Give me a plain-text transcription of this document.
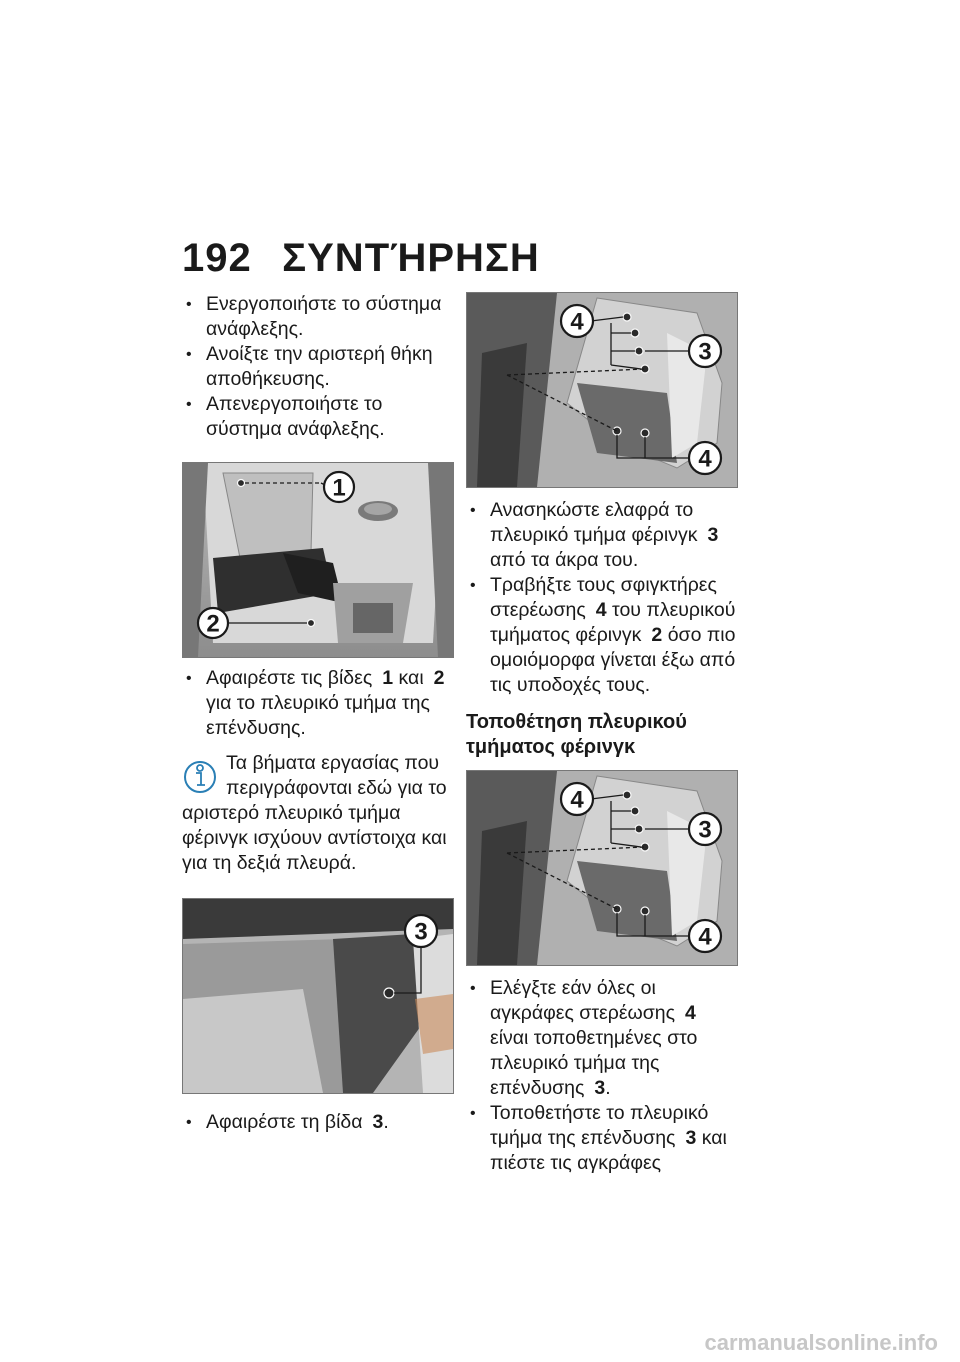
192 ΣΥΝΤΉΡΗΣΗ

• Ενεργοποιήστε το σύστημα ανάφλεξης.

• Ανοίξτε την αριστερή θήκη αποθήκευσης.

• Απενεργοποιήστε το σύστημα ανάφλεξης.

1
2

• Αφαιρέστε τις βίδες 1 και 2 για το πλευρικό τμήμα της επένδυσης.

Τα βήματα εργασίας που περιγράφονται εδώ για το
αριστερό πλευρικό τμήμα φέρινγκ ισχύουν αντίστοιχα και για τη δεξιά πλευρά.
3

• Αφαιρέστε τη βίδα 3.

4
3
4

• Ανασηκώστε ελαφρά το πλευρικό τμήμα φέρινγκ 3 από τα άκρα του.

• Τραβήξτε τους σφιγκτήρες στερέωσης 4 του πλευρικού τμήματος φέρινγκ 2 όσο πιο ομοιόμορφα γίνεται έξω από τις υποδοχές τους.

Τοποθέτηση πλευρικού τμήματος φέρινγκ
4
3
4

• Ελέγξτε εάν όλες οι αγκράφες στερέωσης 4 είναι τοποθετημένες στο πλευρικό τμήμα της επένδυσης 3.

• Τοποθετήστε το πλευρικό τμήμα της επένδυσης 3 και πιέστε τις αγκράφες

carmanualsonline.info
